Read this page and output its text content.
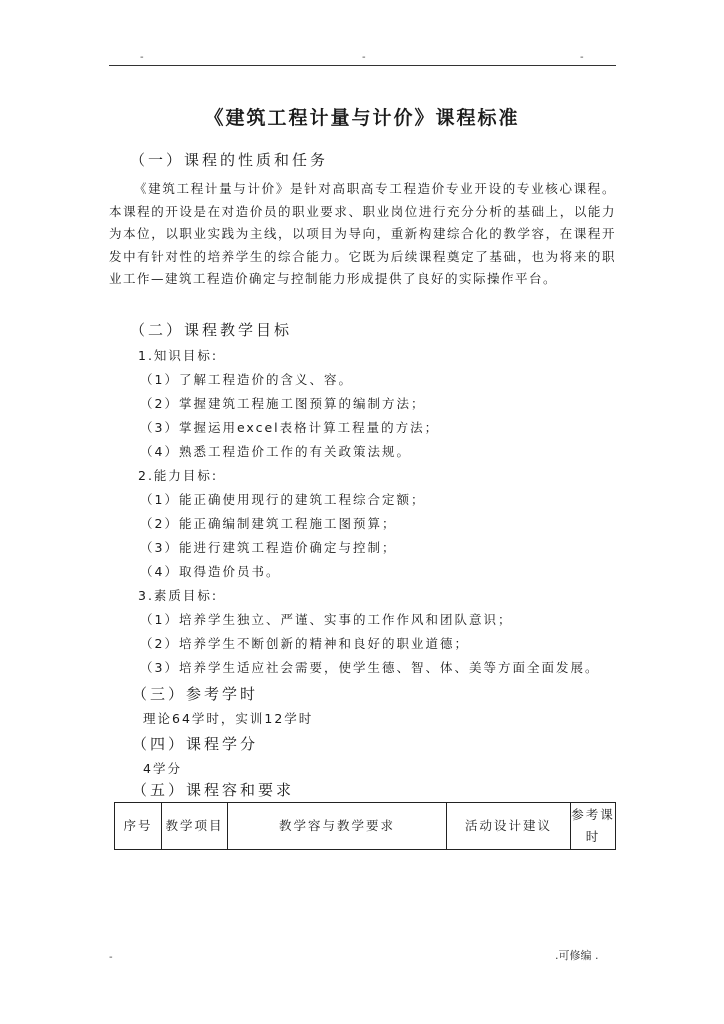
-	-	-
《建筑工程计量与计价》课程标准
（一）课程的性质和任务
《建筑工程计量与计价》是针对高职高专工程造价专业开设的专业核心课程。本课程的开设是在对造价员的职业要求、职业岗位进行充分分析的基础上，以能力为本位，以职业实践为主线，以项目为导向，重新构建综合化的教学容，在课程开发中有针对性的培养学生的综合能力。它既为后续课程奠定了基础，也为将来的职业工作—建筑工程造价确定与控制能力形成提供了良好的实际操作平台。
（二）课程教学目标
1.知识目标:
（1）了解工程造价的含义、容。
（2）掌握建筑工程施工图预算的编制方法；
（3）掌握运用excel表格计算工程量的方法；
（4）熟悉工程造价工作的有关政策法规。
2.能力目标:
（1）能正确使用现行的建筑工程综合定额；
（2）能正确编制建筑工程施工图预算；
（3）能进行建筑工程造价确定与控制；
（4）取得造价员书。
3.素质目标:
（1）培养学生独立、严谨、实事的工作作风和团队意识；
（2）培养学生不断创新的精神和良好的职业道德；
（3）培养学生适应社会需要，使学生德、智、体、美等方面全面发展。
（三）参考学时
理论64学时，实训12学时
（四）课程学分
4学分
（五）课程容和要求
序号	教学项目	教学容与教学要求	活动设计建议	参考课时
-	.可修编 .
